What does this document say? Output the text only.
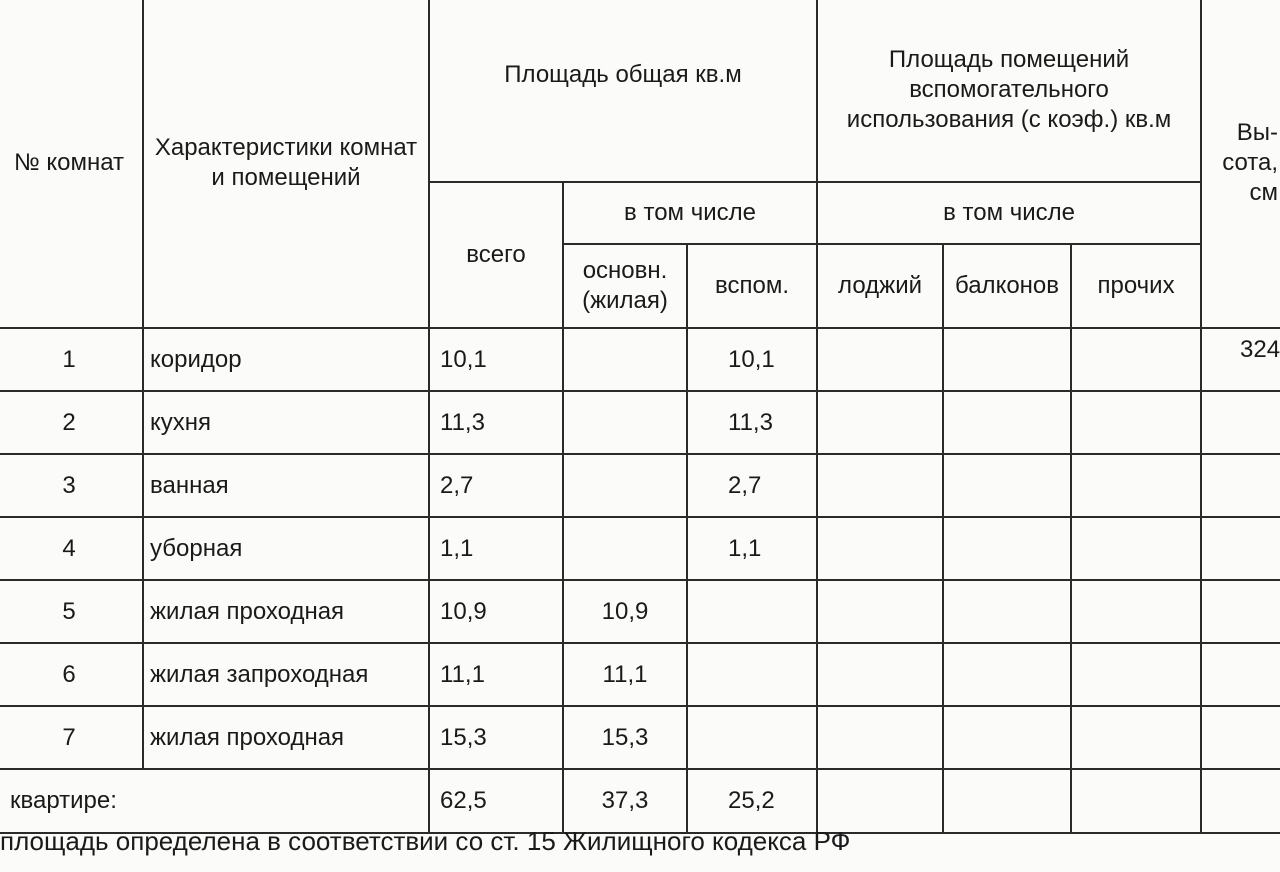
№ комнат	Характеристики комнат и помещений	Площадь общая кв.м			Площадь помещений вспомогательного использования (с коэф.) кв.м			Вы- сота, см
		всего	в том числе		в том числе			
			основн. (жилая)	вспом.	лоджий	балконов	прочих	
1	коридор	10,1		10,1				324
2	кухня	11,3		11,3				
3	ванная	2,7		2,7				
4	уборная	1,1		1,1				
5	жилая проходная	10,9	10,9					
6	жилая запроходная	11,1	11,1					
7	жилая проходная	15,3	15,3					
квартире:		62,5	37,3	25,2				
площадь определена в соответствии со ст. 15 Жилищного кодекса РФ
